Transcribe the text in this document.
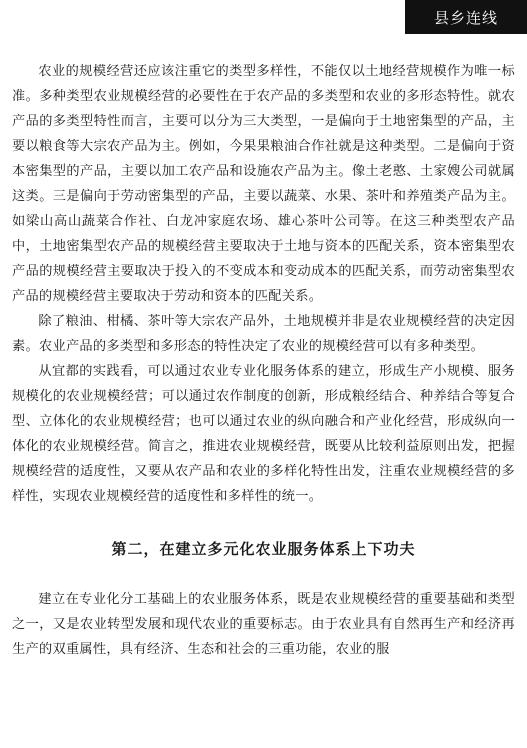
县乡连线

农业的规模经营还应该注重它的类型多样性，不能仅以土地经营规模作为唯一标准。多种类型农业规模经营的必要性在于农产品的多类型和农业的多形态特性。就农产品的多类型特性而言，主要可以分为三大类型，一是偏向于土地密集型的产品，主要以粮食等大宗农产品为主。例如，今果果粮油合作社就是这种类型。二是偏向于资本密集型的产品，主要以加工农产品和设施农产品为主。像土老憨、土家嫂公司就属这类。三是偏向于劳动密集型的产品，主要以蔬菜、水果、茶叶和养殖类产品为主。如梁山高山蔬菜合作社、白龙冲家庭农场、雄心茶叶公司等。在这三种类型农产品中，土地密集型农产品的规模经营主要取决于土地与资本的匹配关系，资本密集型农产品的规模经营主要取决于投入的不变成本和变动成本的匹配关系，而劳动密集型农产品的规模经营主要取决于劳动和资本的匹配关系。

除了粮油、柑橘、茶叶等大宗农产品外，土地规模并非是农业规模经营的决定因素。农业产品的多类型和多形态的特性决定了农业的规模经营可以有多种类型。

从宜都的实践看，可以通过农业专业化服务体系的建立，形成生产小规模、服务规模化的农业规模经营；可以通过农作制度的创新，形成粮经结合、种养结合等复合型、立体化的农业规模经营；也可以通过农业的纵向融合和产业化经营，形成纵向一体化的农业规模经营。简言之，推进农业规模经营，既要从比较利益原则出发，把握规模经营的适度性，又要从农产品和农业的多样化特性出发，注重农业规模经营的多样性，实现农业规模经营的适度性和多样性的统一。

第二，在建立多元化农业服务体系上下功夫

建立在专业化分工基础上的农业服务体系，既是农业规模经营的重要基础和类型之一，又是农业转型发展和现代农业的重要标志。由于农业具有自然再生产和经济再生产的双重属性，具有经济、生态和社会的三重功能，农业的服
